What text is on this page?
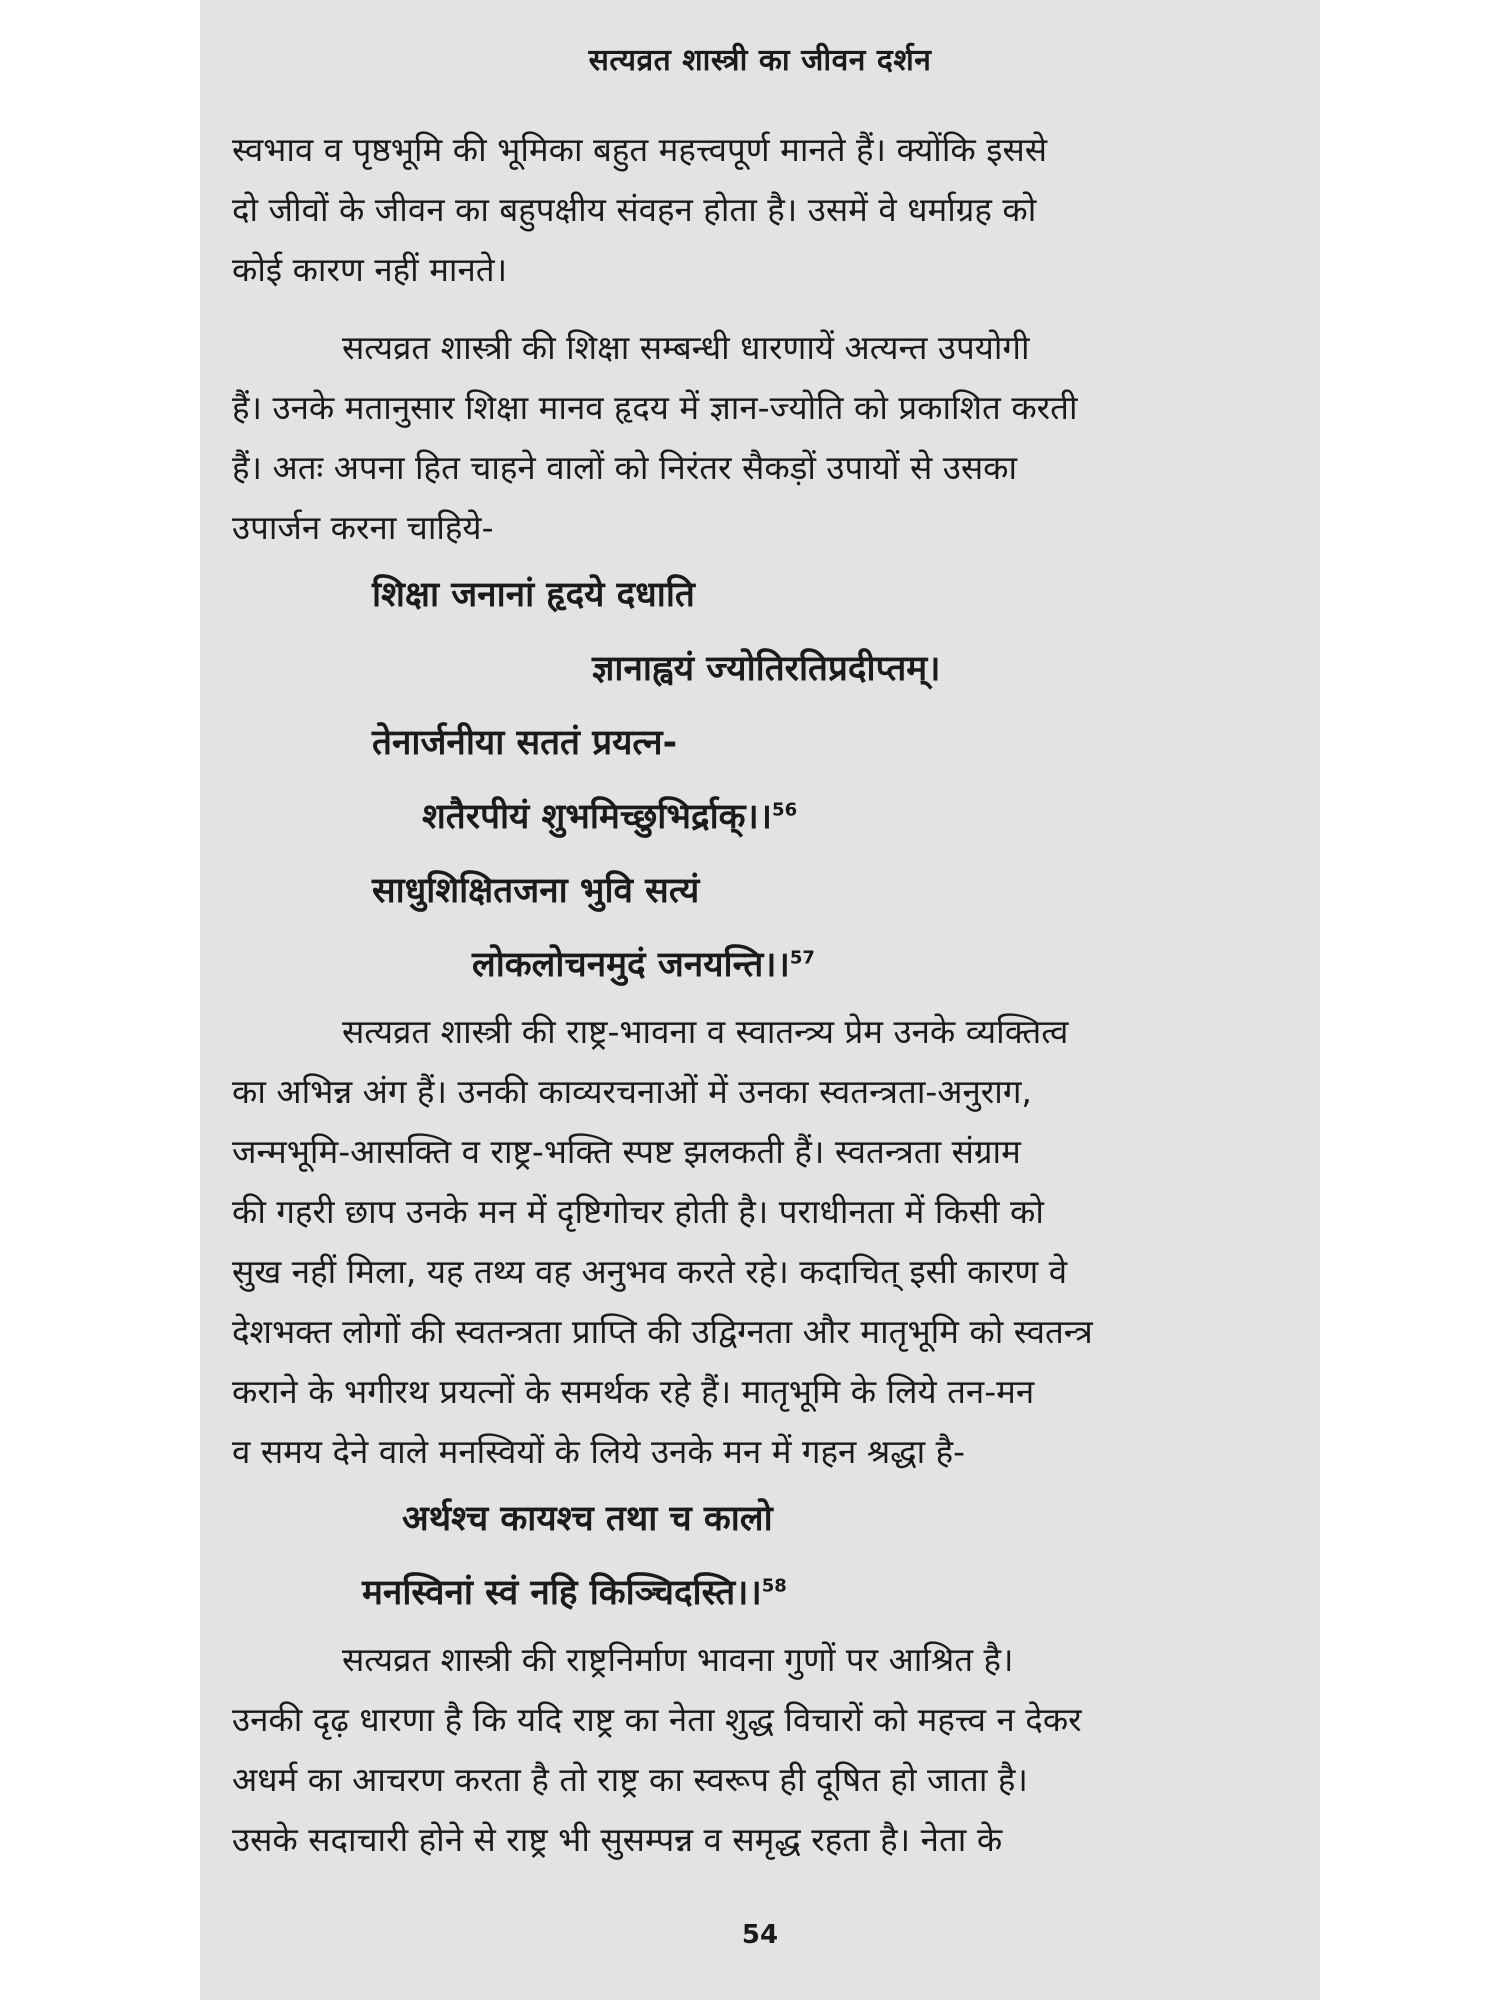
सत्यव्रत शास्त्री का जीवन दर्शन
स्वभाव व पृष्ठभूमि की भूमिका बहुत महत्त्वपूर्ण मानते हैं। क्योंकि इससे
दो जीवों के जीवन का बहुपक्षीय संवहन होता है। उसमें वे धर्माग्रह को
कोई कारण नहीं मानते।
सत्यव्रत शास्त्री की शिक्षा सम्बन्धी धारणायें अत्यन्त उपयोगी
हैं। उनके मतानुसार शिक्षा मानव हृदय में ज्ञान-ज्योति को प्रकाशित करती
हैं। अतः अपना हित चाहने वालों को निरंतर सैकड़ों उपायों से उसका
उपार्जन करना चाहिये-
शिक्षा जनानां हृदये दधाति
ज्ञानाह्वयं ज्योतिरतिप्रदीप्तम्।
तेनार्जनीया सततं प्रयत्न-
शतैरपीयं शुभमिच्छुभिर्द्राक्।।$^{56}$
साधुशिक्षितजना भुवि सत्यं
लोकलोचनमुदं जनयन्ति।।$^{57}$
सत्यव्रत शास्त्री की राष्ट्र-भावना व स्वातन्त्र्य प्रेम उनके व्यक्तित्व
का अभिन्न अंग हैं। उनकी काव्यरचनाओं में उनका स्वतन्त्रता-अनुराग,
जन्मभूमि-आसक्ति व राष्ट्र-भक्ति स्पष्ट झलकती हैं। स्वतन्त्रता संग्राम
की गहरी छाप उनके मन में दृष्टिगोचर होती है। पराधीनता में किसी को
सुख नहीं मिला, यह तथ्य वह अनुभव करते रहे। कदाचित् इसी कारण वे
देशभक्त लोगों की स्वतन्त्रता प्राप्ति की उद्विग्नता और मातृभूमि को स्वतन्त्र
कराने के भगीरथ प्रयत्नों के समर्थक रहे हैं। मातृभूमि के लिये तन-मन
व समय देने वाले मनस्वियों के लिये उनके मन में गहन श्रद्धा है-
अर्थश्च कायश्च तथा च कालो
मनस्विनां स्वं नहि किञ्चिदस्ति।।$^{58}$
सत्यव्रत शास्त्री की राष्ट्रनिर्माण भावना गुणों पर आश्रित है।
उनकी दृढ़ धारणा है कि यदि राष्ट्र का नेता शुद्ध विचारों को महत्त्व न देकर
अधर्म का आचरण करता है तो राष्ट्र का स्वरूप ही दूषित हो जाता है।
उसके सदाचारी होने से राष्ट्र भी सुसम्पन्न व समृद्ध रहता है। नेता के
54
